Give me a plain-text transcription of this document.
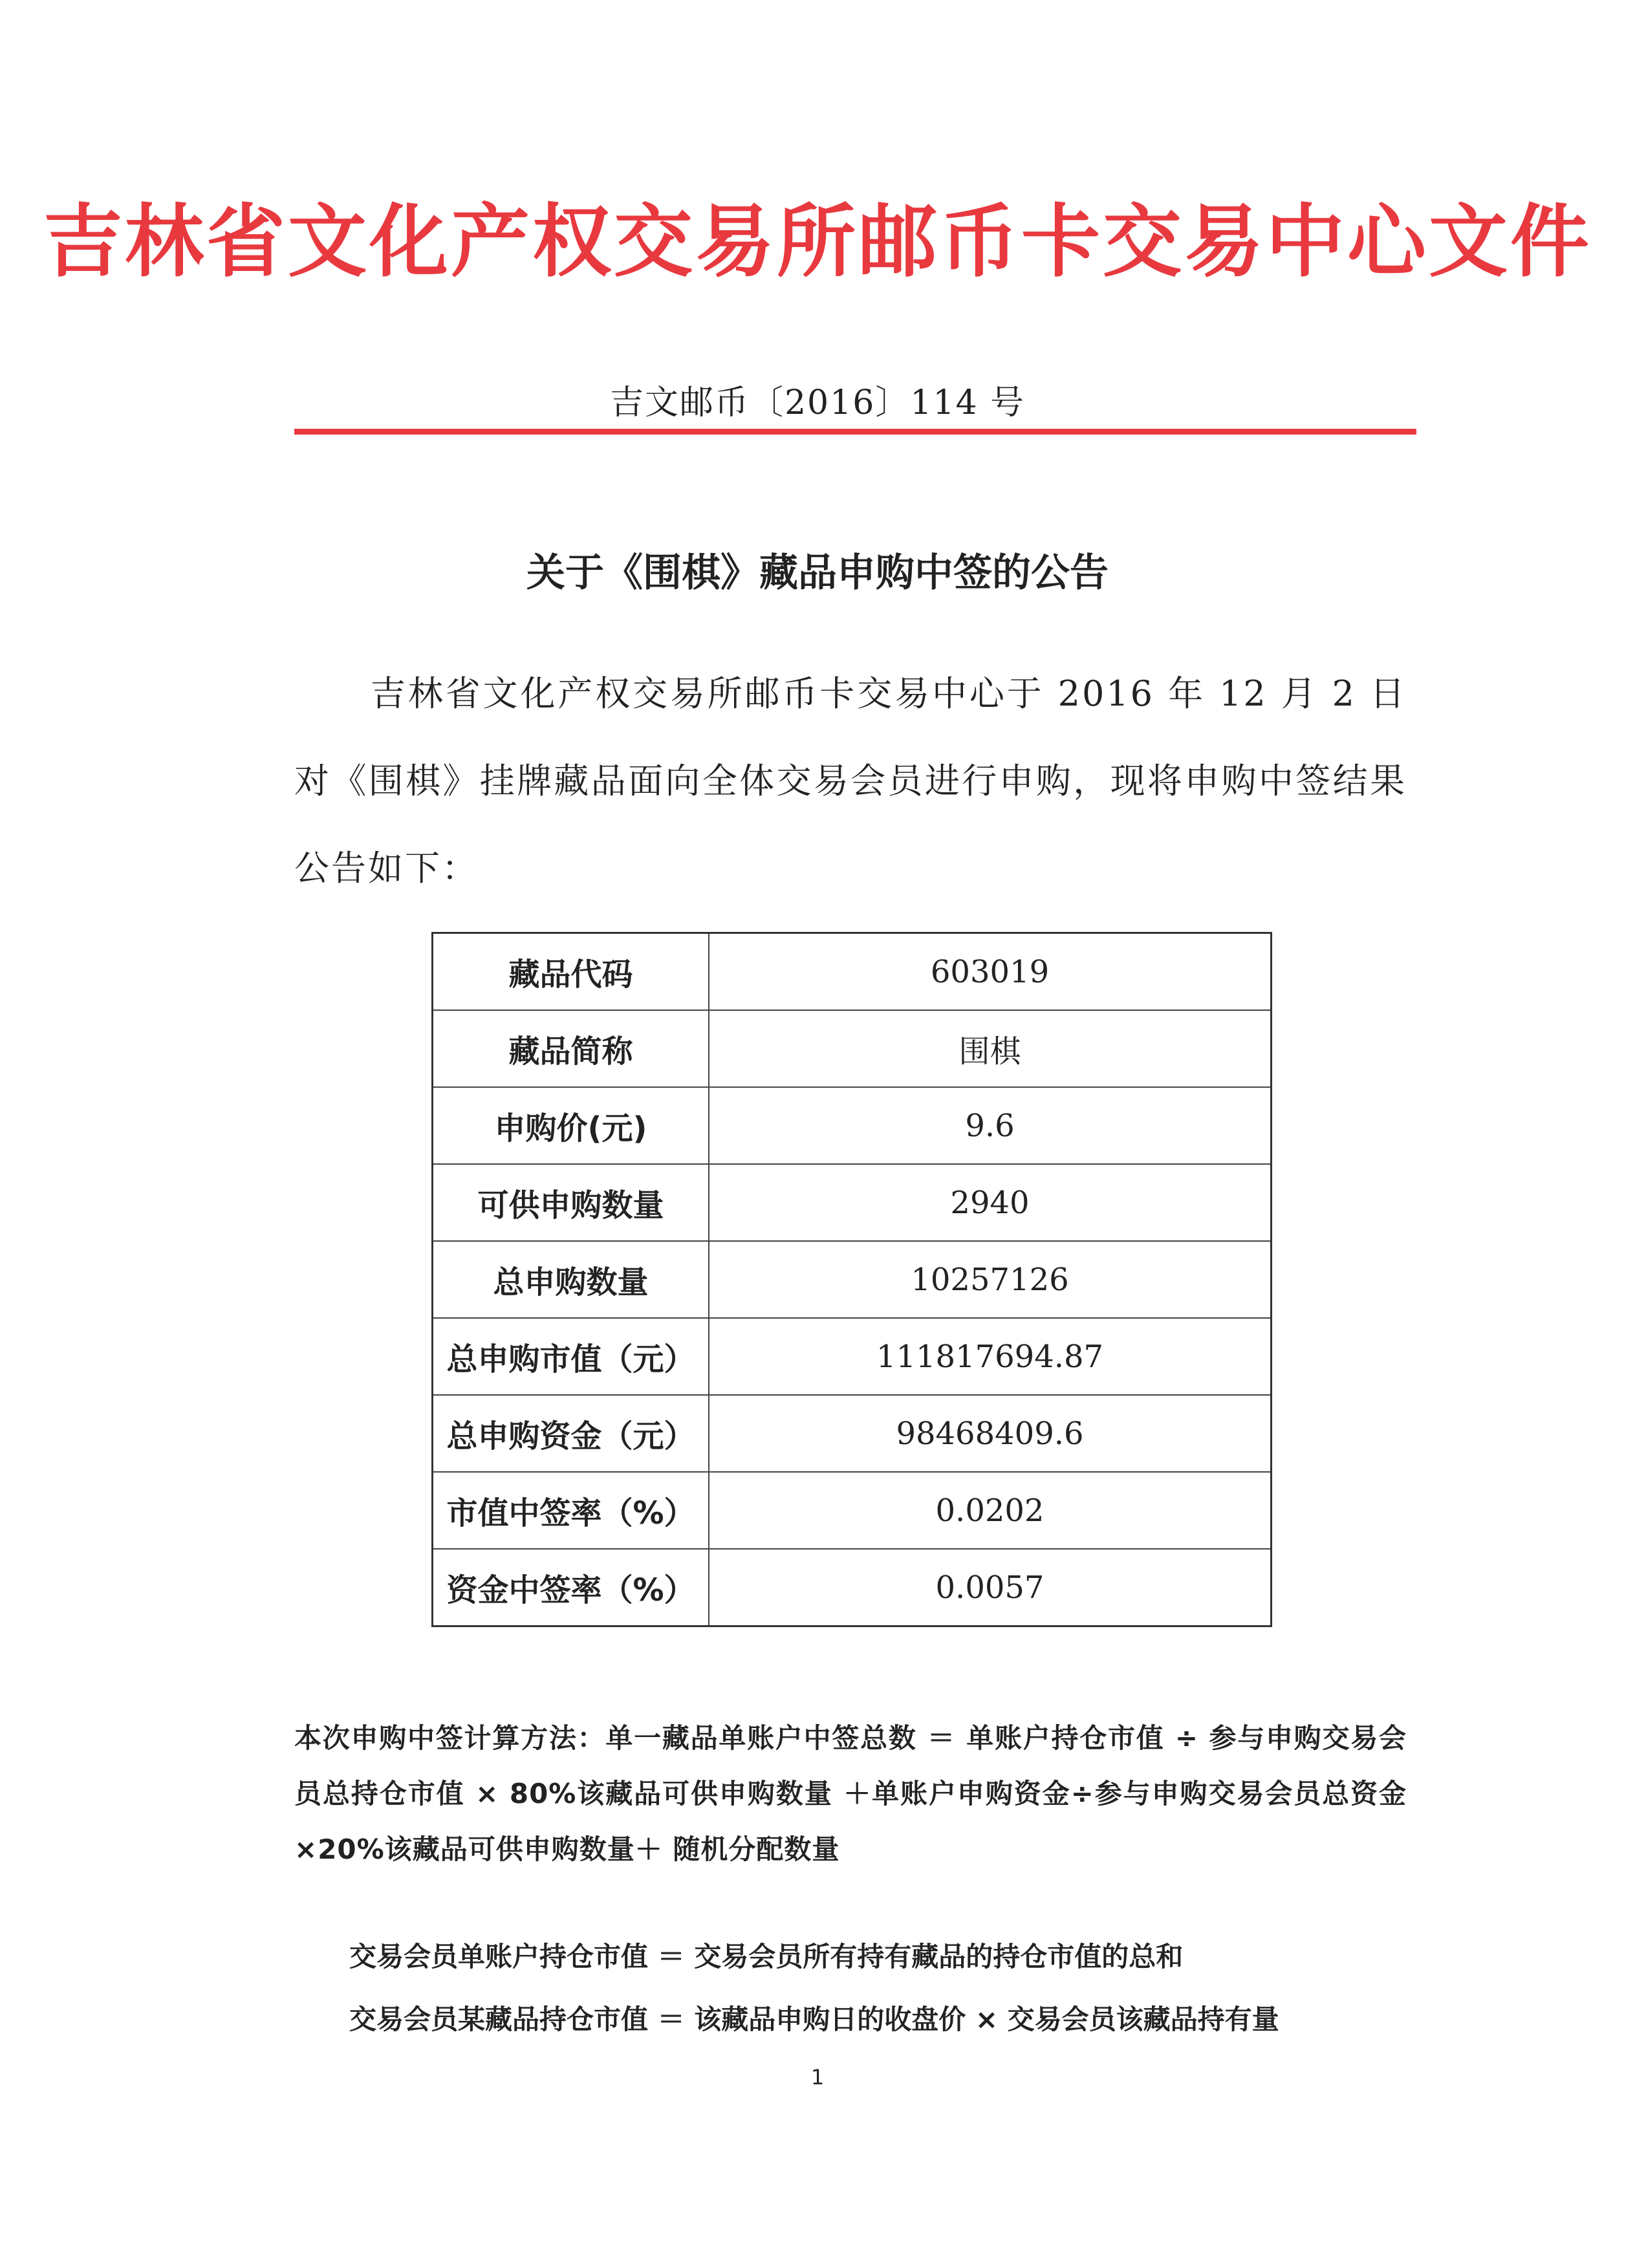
吉林省文化产权交易所邮币卡交易中心文件
吉文邮币〔2016〕114 号
关于《围棋》藏品申购中签的公告
吉林省文化产权交易所邮币卡交易中心于 2016 年 12 月 2 日对《围棋》挂牌藏品面向全体交易会员进行申购，现将申购中签结果公告如下：
藏品代码	603019
藏品简称	围棋
申购价(元)	9.6
可供申购数量	2940
总申购数量	10257126
总申购市值（元）	111817694.87
总申购资金（元）	98468409.6
市值中签率（%）	0.0202
资金中签率（%）	0.0057
本次申购中签计算方法：单一藏品单账户中签总数 ＝ 单账户持仓市值 ÷ 参与申购交易会员总持仓市值 × 80%该藏品可供申购数量 ＋单账户申购资金÷参与申购交易会员总资金×20%该藏品可供申购数量＋ 随机分配数量
交易会员单账户持仓市值 ＝ 交易会员所有持有藏品的持仓市值的总和
交易会员某藏品持仓市值 ＝ 该藏品申购日的收盘价 × 交易会员该藏品持有量
1
